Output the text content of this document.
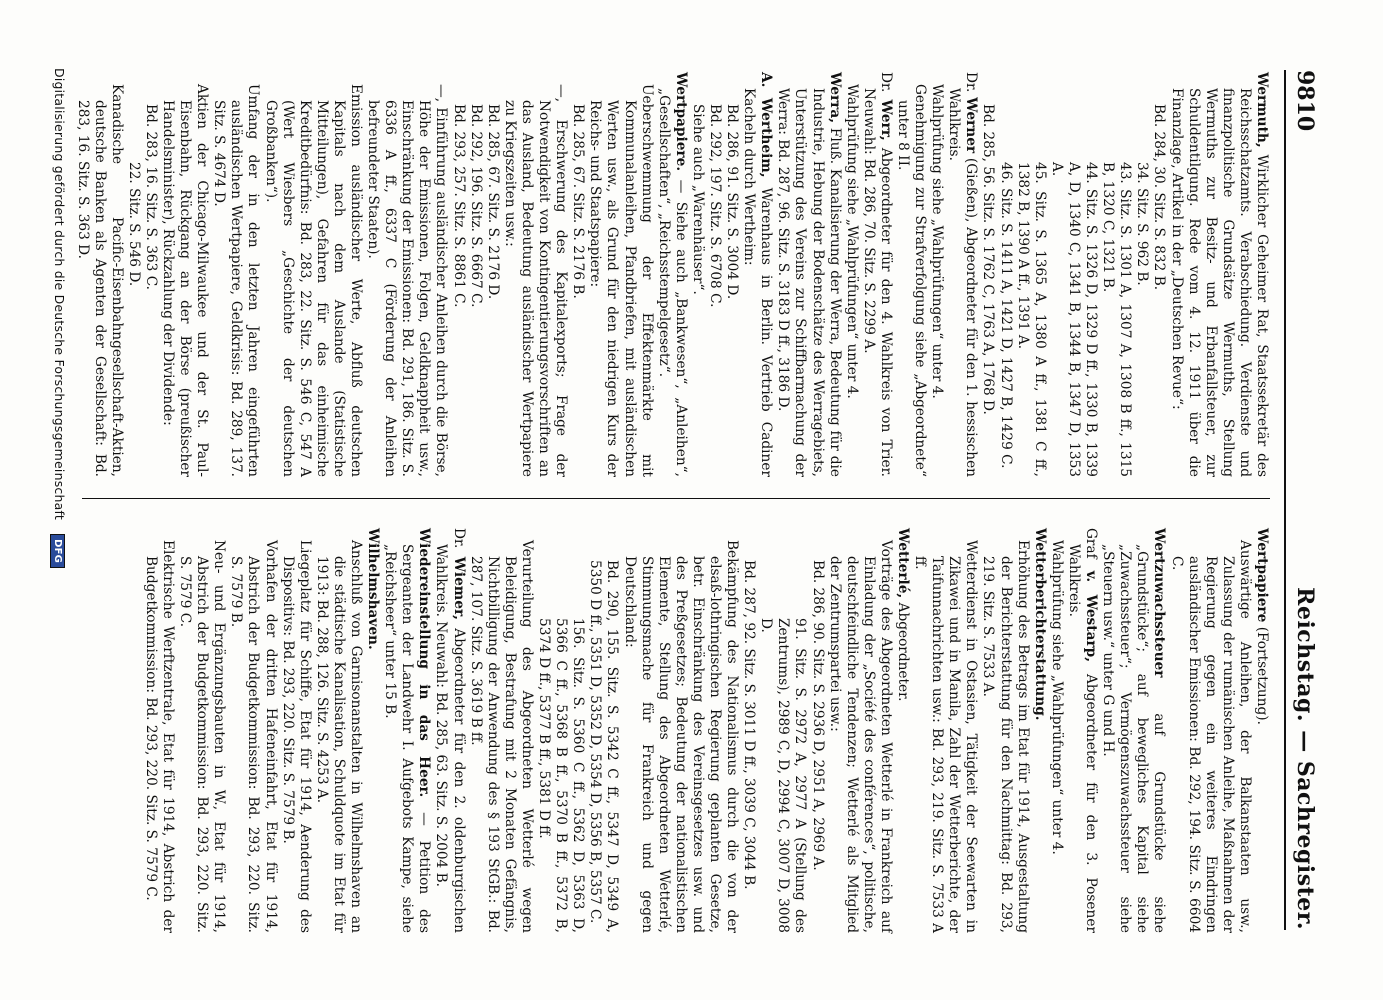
9810
Reichstag. — Sachregister.

Wermuth, Wirklicher Geheimer Rat, Staatssekretär des Reichsschatzamts. Verabschiedung. Verdienste und finanzpolitische Grundsätze Wermuths, Stellung Wermuths zur Besitz- und Erbanfallsteuer, zur Schuldentilgung. Rede vom 4. 12. 1911 über die Finanzlage, Artikel in der „Deutschen Revue“:

Bd. 284, 30. Sitz. S. 832 B.

34. Sitz. S. 962 B.

43. Sitz. S. 1301 A, 1307 A, 1308 B ff., 1315 B, 1320 C, 1321 B.

44. Sitz. S. 1326 D, 1329 D ff., 1330 B, 1339 A, D, 1340 C, 1341 B, 1344 B, 1347 D, 1353 A.

45. Sitz. S. 1365 A, 1380 A ff., 1381 C ff., 1382 B, 1390 A ff., 1391 A.

46. Sitz. S. 1411 A, 1421 D, 1427 B, 1429 C.

Bd. 285, 56. Sitz. S. 1762 C, 1763 A, 1768 D.

Dr. Werner (Gießen), Abgeordneter für den 1. hessischen Wahlkreis.

Wahlprüfung siehe „Wahlprüfungen“ unter 4.

Genehmigung zur Strafverfolgung siehe „Abgeordnete“ unter 8 II.

Dr. Werr, Abgeordneter für den 4. Wahlkreis von Trier. Neuwahl: Bd. 286, 70. Sitz. S. 2299 A.

Wahlprüfung siehe „Wahlprüfungen“ unter 4.

Werra, Fluß. Kanalisierung der Werra, Bedeutung für die Industrie, Hebung der Bodenschätze des Werragebiets, Unterstützung des Vereins zur Schiffbarmachung der Werra: Bd. 287, 96. Sitz. S. 3183 D ff., 3186 D.

A. Wertheim, Warenhaus in Berlin. Vertrieb Cadiner Kacheln durch Wertheim:

Bd. 286, 91. Sitz. S. 3004 D.

Bd. 292, 197. Sitz. S. 6708 C.

Siehe auch „Warenhäuser“.

Wertpapiere. — Siehe auch „Bankwesen“, „Anleihen“, „Gesellschaften“, „Reichsstempelgesetz“.

Ueberschwemmung der Effektenmärkte mit Kommunalanleihen, Pfandbriefen, mit ausländischen Werten usw., als Grund für den niedrigen Kurs der Reichs- und Staatspapiere:

Bd. 285, 67. Sitz. S. 2176 B.

—, Erschwerung des Kapitalexports; Frage der Notwendigkeit von Kontingentierungsvorschriften an das Ausland, Bedeutung ausländischer Wertpapiere zu Kriegszeiten usw.:

Bd. 285, 67. Sitz. S. 2176 D.

Bd. 292, 196. Sitz. S. 6667 C.

Bd. 293, 257. Sitz. S. 8861 C.

—, Einführung ausländischer Anleihen durch die Börse, Höhe der Emissionen, Folgen, Geldknappheit usw., Einschränkung der Emissionen: Bd. 291, 186. Sitz. S. 6336 A ff., 6337 C (Förderung der Anleihen befreundeter Staaten).

Emission ausländischer Werte, Abfluß deutschen Kapitals nach dem Auslande (Statistische Mitteilungen), Gefahren für das einheimische Kreditbedürfnis: Bd. 283, 22. Sitz. S. 546 C, 547 A (Wert Wiesbers „Geschichte der deutschen Großbanken“).

Umfang der in den letzten Jahren eingeführten ausländischen Wertpapiere, Geldkrisis: Bd. 289, 137. Sitz. S. 4674 D.

Aktien der Chicago-Milwaukee und der St. Paul-Eisenbahn, Rückgang an der Börse (preußischer Handelsminister), Rückzahlung der Dividende:

Bd. 283, 16. Sitz. S. 363 C.

22. Sitz. S. 546 D.

Kanadische Pacific-Eisenbahngesellschaft-Aktien, deutsche Banken als Agenten der Gesellschaft: Bd. 283, 16. Sitz. S. 363 D.

Wertpapiere (Fortsetzung).

Auswärtige Anleihen, der Balkanstaaten usw., Zulassung der rumänischen Anleihe, Maßnahmen der Regierung gegen ein weiteres Eindringen ausländischer Emissionen: Bd. 292, 194. Sitz. S. 6604 C.

Wertzuwachssteuer auf Grundstücke siehe „Grundstücke“; auf bewegliches Kapital siehe „Zuwachssteuer“; Vermögenszuwachssteuer siehe „Steuern usw.“ unter G und H.

Graf v. Westarp, Abgeordneter für den 3. Posener Wahlkreis.

Wahlprüfung siehe „Wahlprüfungen“ unter 4.

Wetterberichterstattung.

Erhöhung des Betrags im Etat für 1914, Ausgestaltung der Berichterstattung für den Nachmittag: Bd. 293, 219. Sitz. S. 7533 A.

Wetterdienst in Ostasien, Tätigkeit der Seewarten in Zikawei und in Manila, Zahl der Wetterberichte, der Taifunnachrichten usw.: Bd. 293, 219. Sitz. S. 7533 A ff.

Wetterlé, Abgeordneter.

Vorträge des Abgeordneten Wetterlé in Frankreich auf Einladung der „Société des conférences“, politische, deutschfeindliche Tendenzen; Wetterlé als Mitglied der Zentrumspartei usw.:

Bd. 286, 90. Sitz. S. 2936 D, 2951 A, 2969 A.

91. Sitz. S. 2972 A, 2977 A (Stellung des Zentrums), 2989 C, D, 2994 C, 3007 D, 3008 D.

Bd. 287, 92. Sitz. S. 3011 D ff., 3039 C, 3044 B.

Bekämpfung des Nationalismus durch die von der elsaß-lothringischen Regierung geplanten Gesetze, betr. Einschränkung des Vereinsgesetzes usw. und des Preßgesetzes; Bedeutung der nationalistischen Elemente, Stellung des Abgeordneten Wetterlé, Stimmungsmache für Frankreich und gegen Deutschland:

Bd. 290, 155. Sitz. S. 5342 C ff., 5347 D, 5349 A, 5350 D ff., 5351 D, 5352 D, 5354 D, 5356 B, 5357 C.

156. Sitz. S. 5360 C ff., 5362 D, 5363 D, 5366 C ff., 5368 B ff., 5370 B ff., 5372 B, 5374 D ff., 5377 B ff., 5381 D ff.

Verurteilung des Abgeordneten Wetterlé wegen Beleidigung, Bestrafung mit 2 Monaten Gefängnis, Nichtbilligung der Anwendung des § 193 StGB.: Bd. 287, 107. Sitz. S. 3619 B ff.

Dr. Wiemer, Abgeordneter für den 2. oldenburgischen Wahlkreis. Neuwahl: Bd. 285, 63. Sitz. S. 2004 B.

Wiedereinstellung in das Heer. — Petition des Sergeanten der Landwehr I. Aufgebots Kampe, siehe „Reichsheer“ unter 15 B.

Wilhelmshaven.

Anschluß von Garnisonanstalten in Wilhelmshaven an die städtische Kanalisation, Schuldquote im Etat für 1913: Bd. 288, 126. Sitz. S. 4253 A.

Liegeplatz für Schiffe, Etat für 1914, Aenderung des Dispositivs: Bd. 293, 220. Sitz. S. 7579 B.

Vorhafen der dritten Hafeneinfahrt, Etat für 1914, Abstrich der Budgetkommission: Bd. 293, 220. Sitz. S. 7579 B.

Neu- und Ergänzungsbauten in W., Etat für 1914, Abstrich der Budgetkommission: Bd. 293, 220. Sitz. S. 7579 C.

Elektrische Werftzentrale, Etat für 1914, Abstrich der Budgetkommission: Bd. 293, 220. Sitz. S. 7579 C.

Digitalisierung gefördert durch die Deutsche Forschungsgemeinschaft DFG
